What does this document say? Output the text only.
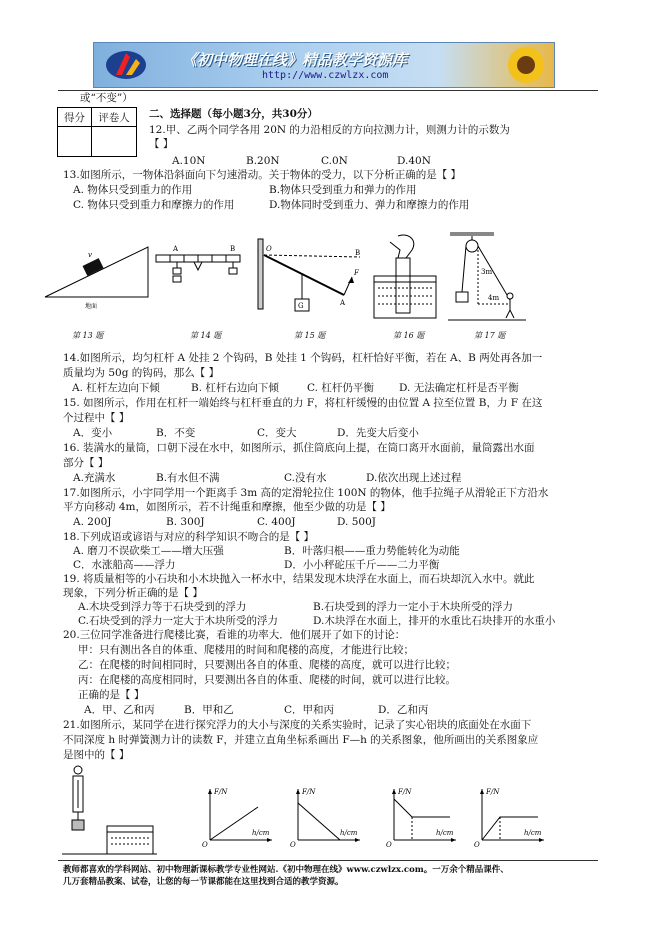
《初中物理在线》精品教学资源库
http://www.czwlzx.com
或“不变”）
得分	评卷人
	二、选择题（每小题3分，共30分）
12.甲、乙两个同学各用 20N 的力沿相反的方向拉测力计，则测力计的示数为
【 】
A.10N	B.20N	C.0N	D.40N
13.如图所示，一物体沿斜面向下匀速滑动。关于物体的受力，以下分析正确的是【 】
A. 物体只受到重力的作用	B.物体只受到重力和弹力的作用
C. 物体只受到重力和摩擦力的作用	D.物体同时受到重力、弹力和摩擦力的作用
v
地面
第 13 题
A	B
第 14 题
O
F
B
A
G
第 15 题	第 16 题
3m
4m
第 17 题
14.如图所示，均匀杠杆 A 处挂 2 个钩码，B 处挂 1 个钩码，杠杆恰好平衡，若在 A、B 两处再各加一
质量均为 50g 的钩码，那么【 】
A. 杠杆左边向下倾	B. 杠杆右边向下倾	C. 杠杆仍平衡 D. 无法确定杠杆是否平衡
15. 如图所示，作用在杠杆一端始终与杠杆垂直的力 F，将杠杆缓慢的由位置 A 拉至位置 B，力 F 在这
个过程中【 】
A．变小	B．不变	C．变大	D．先变大后变小
16. 装满水的量筒，口朝下浸在水中，如图所示，抓住筒底向上提，在筒口离开水面前，量筒露出水面
部分【 】
A.充满水	B.有水但不满	C.没有水	D.依次出现上述过程
17.如图所示，小宇同学用一个距离手 3m 高的定滑轮拉住 100N 的物体，他手拉绳子从滑轮正下方沿水
平方向移动 4m，如图所示，若不计绳重和摩擦，他至少做的功是【 】
A. 200J	B. 300J	C. 400J	D. 500J
18.下列成语或谚语与对应的科学知识不吻合的是【 】
A. 磨刀不误砍柴工——增大压强	B．叶落归根——重力势能转化为动能
C．水涨船高——浮力	D．小小秤砣压千斤——二力平衡
19. 将质量相等的小石块和小木块抛入一杯水中，结果发现木块浮在水面上，而石块却沉入水中。就此
现象，下列分析正确的是【 】
A.木块受到浮力等于石块受到的浮力	B.石块受到的浮力一定小于木块所受的浮力
C.石块受到的浮力一定大于木块所受的浮力	D.木块浮在水面上，排开的水重比石块排开的水重小
20.三位同学准备进行爬楼比赛，看谁的功率大．他们展开了如下的讨论：
甲：只有测出各自的体重、爬楼用的时间和爬楼的高度，才能进行比较；
乙：在爬楼的时间相同时，只要测出各自的体重、爬楼的高度，就可以进行比较；
丙：在爬楼的高度相同时，只要测出各自的体重、爬楼的时间，就可以进行比较。
正确的是【 】
A．甲、乙和丙	B．甲和乙	C．甲和丙	D．乙和丙
21.如图所示，某同学在进行探究浮力的大小与深度的关系实验时，记录了实心铝块的底面处在水面下
不同深度 h 时弹簧测力计的读数 F，并建立直角坐标系画出 F—h 的关系图象，他所画出的关系图象应
是图中的【 】
F/N
h/cm
O
F/N
h/cm
O
F/N
h/cm
O
F/N
h/cm
O
教师都喜欢的学科网站、初中物理新课标教学专业性网站.《初中物理在线》www.czwlzx.com。一万余个精品课件、
几万套精品教案、试卷，让您的每一节课都能在这里找到合适的教学资源。
